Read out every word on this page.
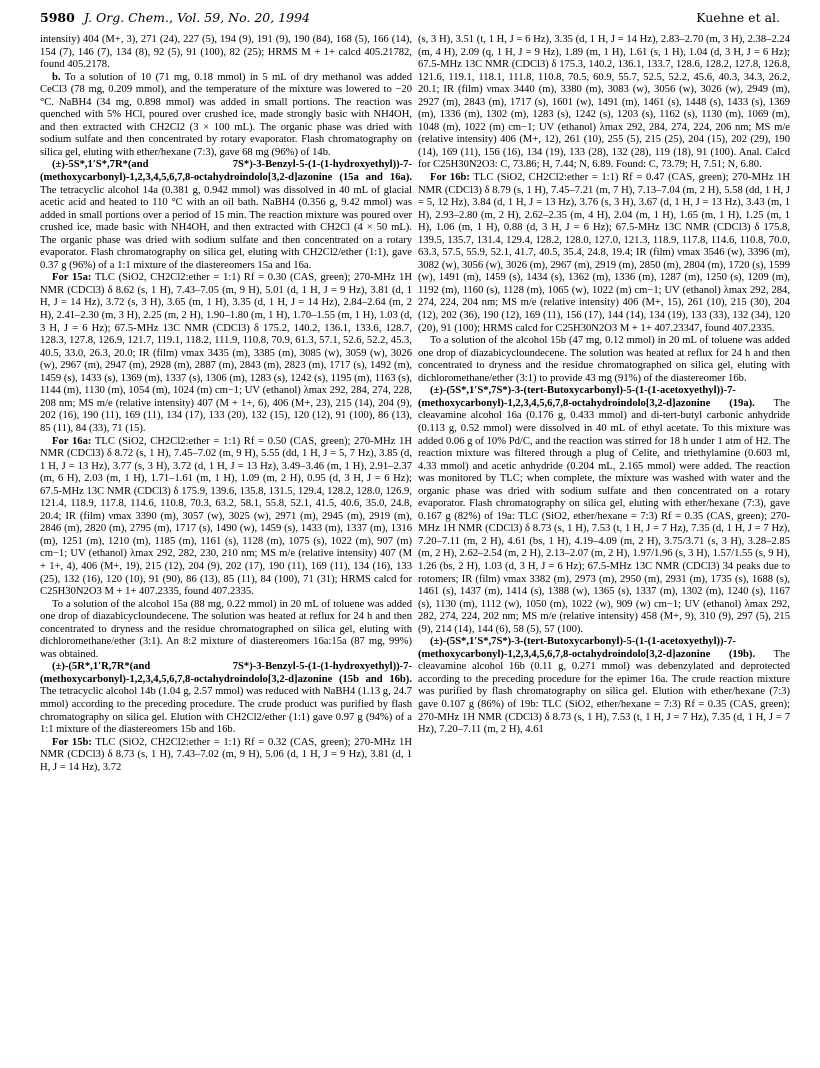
5980 J. Org. Chem., Vol. 59, No. 20, 1994	Kuehne et al.

intensity) 404 (M+, 3), 271 (24), 227 (5), 194 (9), 191 (9), 190 (84), 168 (5), 166 (14), 154 (7), 146 (7), 134 (8), 92 (5), 91 (100), 82 (25); HRMS M + 1+ calcd 405.21782, found 405.2178.

b. To a solution of 10 (71 mg, 0.18 mmol) in 5 mL of dry methanol was added CeCl3 (78 mg, 0.209 mmol), and the temperature of the mixture was lowered to −20 °C. NaBH4 (34 mg, 0.898 mmol) was added in small portions. The reaction was quenched with 5% HCl, poured over crushed ice, made strongly basic with NH4OH, and then extracted with CH2Cl2 (3 × 100 mL). The organic phase was dried with sodium sulfate and then concentrated by rotary evaporator. Flash chromatography on silica gel, eluting with ether/hexane (7:3), gave 68 mg (96%) of 14b.

(±)-5S*,1′S*,7R*(and 7S*)-3-Benzyl-5-(1-(1-hydroxyethyl))-7-(methoxycarbonyl)-1,2,3,4,5,6,7,8-octahydroindolo[3,2-d]azonine (15a and 16a). The tetracyclic alcohol 14a (0.381 g, 0.942 mmol) was dissolved in 40 mL of glacial acetic acid and heated to 110 °C with an oil bath. NaBH4 (0.356 g, 9.42 mmol) was added in small portions over a period of 15 min. The reaction mixture was poured over crushed ice, made basic with NH4OH, and then extracted with CH2Cl (4 × 50 mL). The organic phase was dried with sodium sulfate and then concentrated on a rotary evaporator. Flash chromatography on silica gel, eluting with CH2Cl2/ether (1:1), gave 0.37 g (96%) of a 1:1 mixture of the diastereomers 15a and 16a.

For 15a: TLC (SiO2, CH2Cl2:ether = 1:1) Rf = 0.30 (CAS, green); 270-MHz 1H NMR (CDCl3) δ 8.62 (s, 1 H), 7.43–7.05 (m, 9 H), 5.01 (d, 1 H, J = 9 Hz), 3.81 (d, 1 H, J = 14 Hz), 3.72 (s, 3 H), 3.65 (m, 1 H), 3.35 (d, 1 H, J = 14 Hz), 2.84–2.64 (m, 2 H), 2.41–2.30 (m, 3 H), 2.25 (m, 2 H), 1.90–1.80 (m, 1 H), 1.70–1.55 (m, 1 H), 1.03 (d, 3 H, J = 6 Hz); 67.5-MHz 13C NMR (CDCl3) δ 175.2, 140.2, 136.1, 133.6, 128.7, 128.3, 127.8, 126.9, 121.7, 119.1, 118.2, 111.9, 110.8, 70.9, 61.3, 57.1, 52.6, 52.2, 45.3, 40.5, 33.0, 26.3, 20.0; IR (film) νmax 3435 (m), 3385 (m), 3085 (w), 3059 (w), 3026 (w), 2967 (m), 2947 (m), 2928 (m), 2887 (m), 2843 (m), 2823 (m), 1717 (s), 1492 (m), 1459 (s), 1433 (s), 1369 (m), 1337 (s), 1306 (m), 1283 (s), 1242 (s), 1195 (m), 1163 (s), 1144 (m), 1130 (m), 1054 (m), 1024 (m) cm−1; UV (ethanol) λmax 292, 284, 274, 228, 208 nm; MS m/e (relative intensity) 407 (M + 1+, 6), 406 (M+, 23), 215 (14), 204 (9), 202 (16), 190 (11), 169 (11), 134 (17), 133 (20), 132 (15), 120 (12), 91 (100), 86 (13), 85 (11), 84 (33), 71 (15).

For 16a: TLC (SiO2, CH2Cl2:ether = 1:1) Rf = 0.50 (CAS, green); 270-MHz 1H NMR (CDCl3) δ 8.72 (s, 1 H), 7.45–7.02 (m, 9 H), 5.55 (dd, 1 H, J = 5, 7 Hz), 3.85 (d, 1 H, J = 13 Hz), 3.77 (s, 3 H), 3.72 (d, 1 H, J = 13 Hz), 3.49–3.46 (m, 1 H), 2.91–2.37 (m, 6 H), 2.03 (m, 1 H), 1.71–1.61 (m, 1 H), 1.09 (m, 2 H), 0.95 (d, 3 H, J = 6 Hz); 67.5-MHz 13C NMR (CDCl3) δ 175.9, 139.6, 135.8, 131.5, 129.4, 128.2, 128.0, 126.9, 121.4, 118.9, 117.8, 114.6, 110.8, 70.3, 63.2, 58.1, 55.8, 52.1, 41.5, 40.6, 35.0, 24.8, 20.4; IR (film) νmax 3390 (m), 3057 (w), 3025 (w), 2971 (m), 2945 (m), 2919 (m), 2846 (m), 2820 (m), 2795 (m), 1717 (s), 1490 (w), 1459 (s), 1433 (m), 1337 (m), 1316 (m), 1251 (m), 1210 (m), 1185 (m), 1161 (s), 1128 (m), 1075 (s), 1022 (m), 907 (m) cm−1; UV (ethanol) λmax 292, 282, 230, 210 nm; MS m/e (relative intensity) 407 (M + 1+, 4), 406 (M+, 19), 215 (12), 204 (9), 202 (17), 190 (11), 169 (11), 134 (16), 133 (25), 132 (16), 120 (10), 91 (90), 86 (13), 85 (11), 84 (100), 71 (31); HRMS calcd for C25H30N2O3 M + 1+ 407.2335, found 407.2335.

To a solution of the alcohol 15a (88 mg, 0.22 mmol) in 20 mL of toluene was added one drop of diazabicycloundecene. The solution was heated at reflux for 24 h and then concentrated to dryness and the residue chromatographed on silica gel, eluting with dichloromethane/ether (3:1). An 8:2 mixture of diastereomers 16a:15a (87 mg, 99%) was obtained.

(±)-(5R*,1′R,7R*(and 7S*)-3-Benzyl-5-(1-(1-hydroxyethyl))-7-(methoxycarbonyl)-1,2,3,4,5,6,7,8-octahydroindolo[3,2-d]azonine (15b and 16b). The tetracyclic alcohol 14b (1.04 g, 2.57 mmol) was reduced with NaBH4 (1.13 g, 24.7 mmol) according to the preceding procedure. The crude product was purified by flash chromatography on silica gel. Elution with CH2Cl2/ether (1:1) gave 0.97 g (94%) of a 1:1 mixture of the diastereomers 15b and 16b.

For 15b: TLC (SiO2, CH2Cl2:ether = 1:1) Rf = 0.32 (CAS, green); 270-MHz 1H NMR (CDCl3) δ 8.73 (s, 1 H), 7.43–7.02 (m, 9 H), 5.06 (d, 1 H, J = 9 Hz), 3.81 (d, 1 H, J = 14 Hz), 3.72

(s, 3 H), 3.51 (t, 1 H, J = 6 Hz), 3.35 (d, 1 H, J = 14 Hz), 2.83–2.70 (m, 3 H), 2.38–2.24 (m, 4 H), 2.09 (q, 1 H, J = 9 Hz), 1.89 (m, 1 H), 1.61 (s, 1 H), 1.04 (d, 3 H, J = 6 Hz); 67.5-MHz 13C NMR (CDCl3) δ 175.3, 140.2, 136.1, 133.7, 128.6, 128.2, 127.8, 126.8, 121.6, 119.1, 118.1, 111.8, 110.8, 70.5, 60.9, 55.7, 52.5, 52.2, 45.6, 40.3, 34.3, 26.2, 20.1; IR (film) νmax 3440 (m), 3380 (m), 3083 (w), 3056 (w), 3026 (w), 2949 (m), 2927 (m), 2843 (m), 1717 (s), 1601 (w), 1491 (m), 1461 (s), 1448 (s), 1433 (s), 1369 (m), 1336 (m), 1302 (m), 1283 (s), 1242 (s), 1203 (s), 1162 (s), 1130 (m), 1069 (m), 1048 (m), 1022 (m) cm−1; UV (ethanol) λmax 292, 284, 274, 224, 206 nm; MS m/e (relative intensity) 406 (M+, 12), 261 (10), 255 (5), 215 (25), 204 (15), 202 (29), 190 (14), 169 (11), 156 (16), 134 (19), 133 (28), 132 (28), 119 (18), 91 (100). Anal. Calcd for C25H30N2O3: C, 73.86; H, 7.44; N, 6.89. Found: C, 73.79; H, 7.51; N, 6.80.

For 16b: TLC (SiO2, CH2Cl2:ether = 1:1) Rf = 0.47 (CAS, green); 270-MHz 1H NMR (CDCl3) δ 8.79 (s, 1 H), 7.45–7.21 (m, 7 H), 7.13–7.04 (m, 2 H), 5.58 (dd, 1 H, J = 5, 12 Hz), 3.84 (d, 1 H, J = 13 Hz), 3.76 (s, 3 H), 3.67 (d, 1 H, J = 13 Hz), 3.43 (m, 1 H), 2.93–2.80 (m, 2 H), 2.62–2.35 (m, 4 H), 2.04 (m, 1 H), 1.65 (m, 1 H), 1.25 (m, 1 H), 1.06 (m, 1 H), 0.88 (d, 3 H, J = 6 Hz); 67.5-MHz 13C NMR (CDCl3) δ 175.8, 139.5, 135.7, 131.4, 129.4, 128.2, 128.0, 127.0, 121.3, 118.9, 117.8, 114.6, 110.8, 70.0, 63.3, 57.5, 55.9, 52.1, 41.7, 40.5, 35.4, 24.8, 19.4; IR (film) νmax 3546 (w), 3396 (m), 3082 (w), 3056 (w), 3026 (m), 2967 (m), 2919 (m), 2850 (m), 2804 (m), 1720 (s), 1599 (w), 1491 (m), 1459 (s), 1434 (s), 1362 (m), 1336 (m), 1287 (m), 1250 (s), 1209 (m), 1192 (m), 1160 (s), 1128 (m), 1065 (w), 1022 (m) cm−1; UV (ethanol) λmax 292, 284, 274, 224, 204 nm; MS m/e (relative intensity) 406 (M+, 15), 261 (10), 215 (30), 204 (12), 202 (36), 190 (12), 169 (11), 156 (17), 144 (14), 134 (19), 133 (33), 132 (34), 120 (20), 91 (100); HRMS calcd for C25H30N2O3 M + 1+ 407.23347, found 407.2335.

To a solution of the alcohol 15b (47 mg, 0.12 mmol) in 20 mL of toluene was added one drop of diazabicycloundecene. The solution was heated at reflux for 24 h and then concentrated to dryness and the residue chromatographed on silica gel, eluting with dichloromethane/ether (3:1) to provide 43 mg (91%) of the diastereomer 16b.

(±)-(5S*,1′S*,7S*)-3-(tert-Butoxycarbonyl)-5-(1-(1-acetoxyethyl))-7-(methoxycarbonyl)-1,2,3,4,5,6,7,8-octahydroindolo[3,2-d]azonine (19a). The cleavamine alcohol 16a (0.176 g, 0.433 mmol) and di-tert-butyl carbonic anhydride (0.113 g, 0.52 mmol) were dissolved in 40 mL of ethyl acetate. To this mixture was added 0.06 g of 10% Pd/C, and the reaction was stirred for 18 h under 1 atm of H2. The reaction mixture was filtered through a plug of Celite, and triethylamine (0.603 ml, 4.33 mmol) and acetic anhydride (0.204 mL, 2.165 mmol) were added. The reaction was monitored by TLC; when complete, the mixture was washed with water and the organic phase was dried with sodium sulfate and then concentrated on a rotary evaporator. Flash chromatography on silica gel, eluting with ether/hexane (7:3), gave 0.167 g (82%) of 19a: TLC (SiO2, ether/hexane = 7:3) Rf = 0.35 (CAS, green); 270-MHz 1H NMR (CDCl3) δ 8.73 (s, 1 H), 7.53 (t, 1 H, J = 7 Hz), 7.35 (d, 1 H, J = 7 Hz), 7.20–7.11 (m, 2 H), 4.61 (bs, 1 H), 4.19–4.09 (m, 2 H), 3.75/3.71 (s, 3 H), 3.28–2.85 (m, 2 H), 2.62–2.54 (m, 2 H), 2.13–2.07 (m, 2 H), 1.97/1.96 (s, 3 H), 1.57/1.55 (s, 9 H), 1.26 (bs, 2 H), 1.03 (d, 3 H, J = 6 Hz); 67.5-MHz 13C NMR (CDCl3) 34 peaks due to rotomers; IR (film) νmax 3382 (m), 2973 (m), 2950 (m), 2931 (m), 1735 (s), 1688 (s), 1461 (s), 1437 (m), 1414 (s), 1388 (w), 1365 (s), 1337 (m), 1302 (m), 1240 (s), 1167 (s), 1130 (m), 1112 (w), 1050 (m), 1022 (w), 909 (w) cm−1; UV (ethanol) λmax 292, 282, 274, 224, 202 nm; MS m/e (relative intensity) 458 (M+, 9), 310 (9), 297 (5), 215 (9), 214 (14), 144 (6), 58 (5), 57 (100).

(±)-(5S*,1′S*,7S*)-3-(tert-Butoxycarbonyl)-5-(1-(1-acetoxyethyl))-7-(methoxycarbonyl)-1,2,3,4,5,6,7,8-octahydroindolo[3,2-d]azonine (19b). The cleavamine alcohol 16b (0.11 g, 0.271 mmol) was debenzylated and deprotected according to the preceding procedure for the epimer 16a. The crude reaction mixture was purified by flash chromatography on silica gel. Elution with ether/hexane (7:3) gave 0.107 g (86%) of 19b: TLC (SiO2, ether/hexane = 7:3) Rf = 0.35 (CAS, green); 270-MHz 1H NMR (CDCl3) δ 8.73 (s, 1 H), 7.53 (t, 1 H, J = 7 Hz), 7.35 (d, 1 H, J = 7 Hz), 7.20–7.11 (m, 2 H), 4.61
